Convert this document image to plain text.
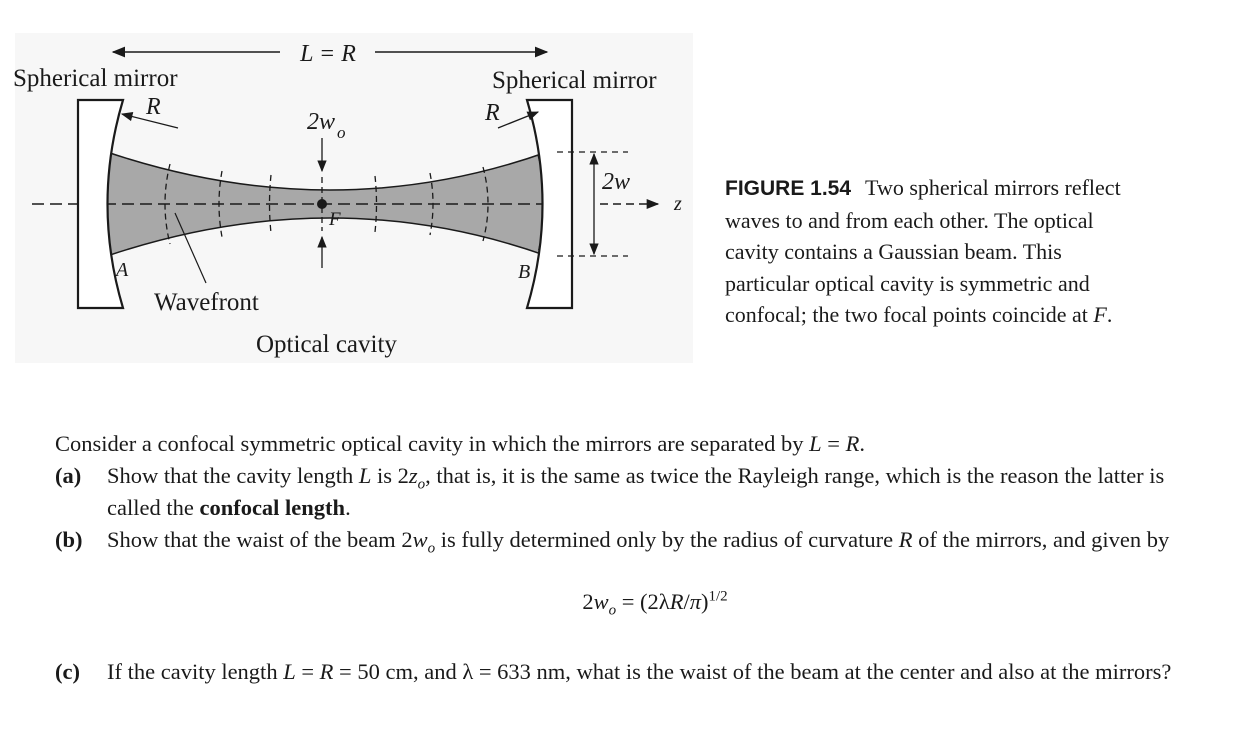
L = R
z
Spherical mirror	Spherical mirror
R	R
2w $_o$
F
2w
A	B
Wavefront
Optical cavity
FIGURE 1.54 Two spherical mirrors reflect waves to and from each other. The optical cavity contains a Gaussian beam. This particular optical cavity is symmetric and confocal; the two focal points coincide at F.
Consider a confocal symmetric optical cavity in which the mirrors are separated by L = R.
(a) Show that the cavity length L is $2z_o$, that is, it is the same as twice the Rayleigh range, which is the reason the latter is called the confocal length.
(b) Show that the waist of the beam $2w_o$ is fully determined only by the radius of curvature R of the mirrors, and given by
$2w_o = (2\lambda R/\pi)^{1/2}$
(c) If the cavity length L = R = 50 cm, and λ = 633 nm, what is the waist of the beam at the center and also at the mirrors?
